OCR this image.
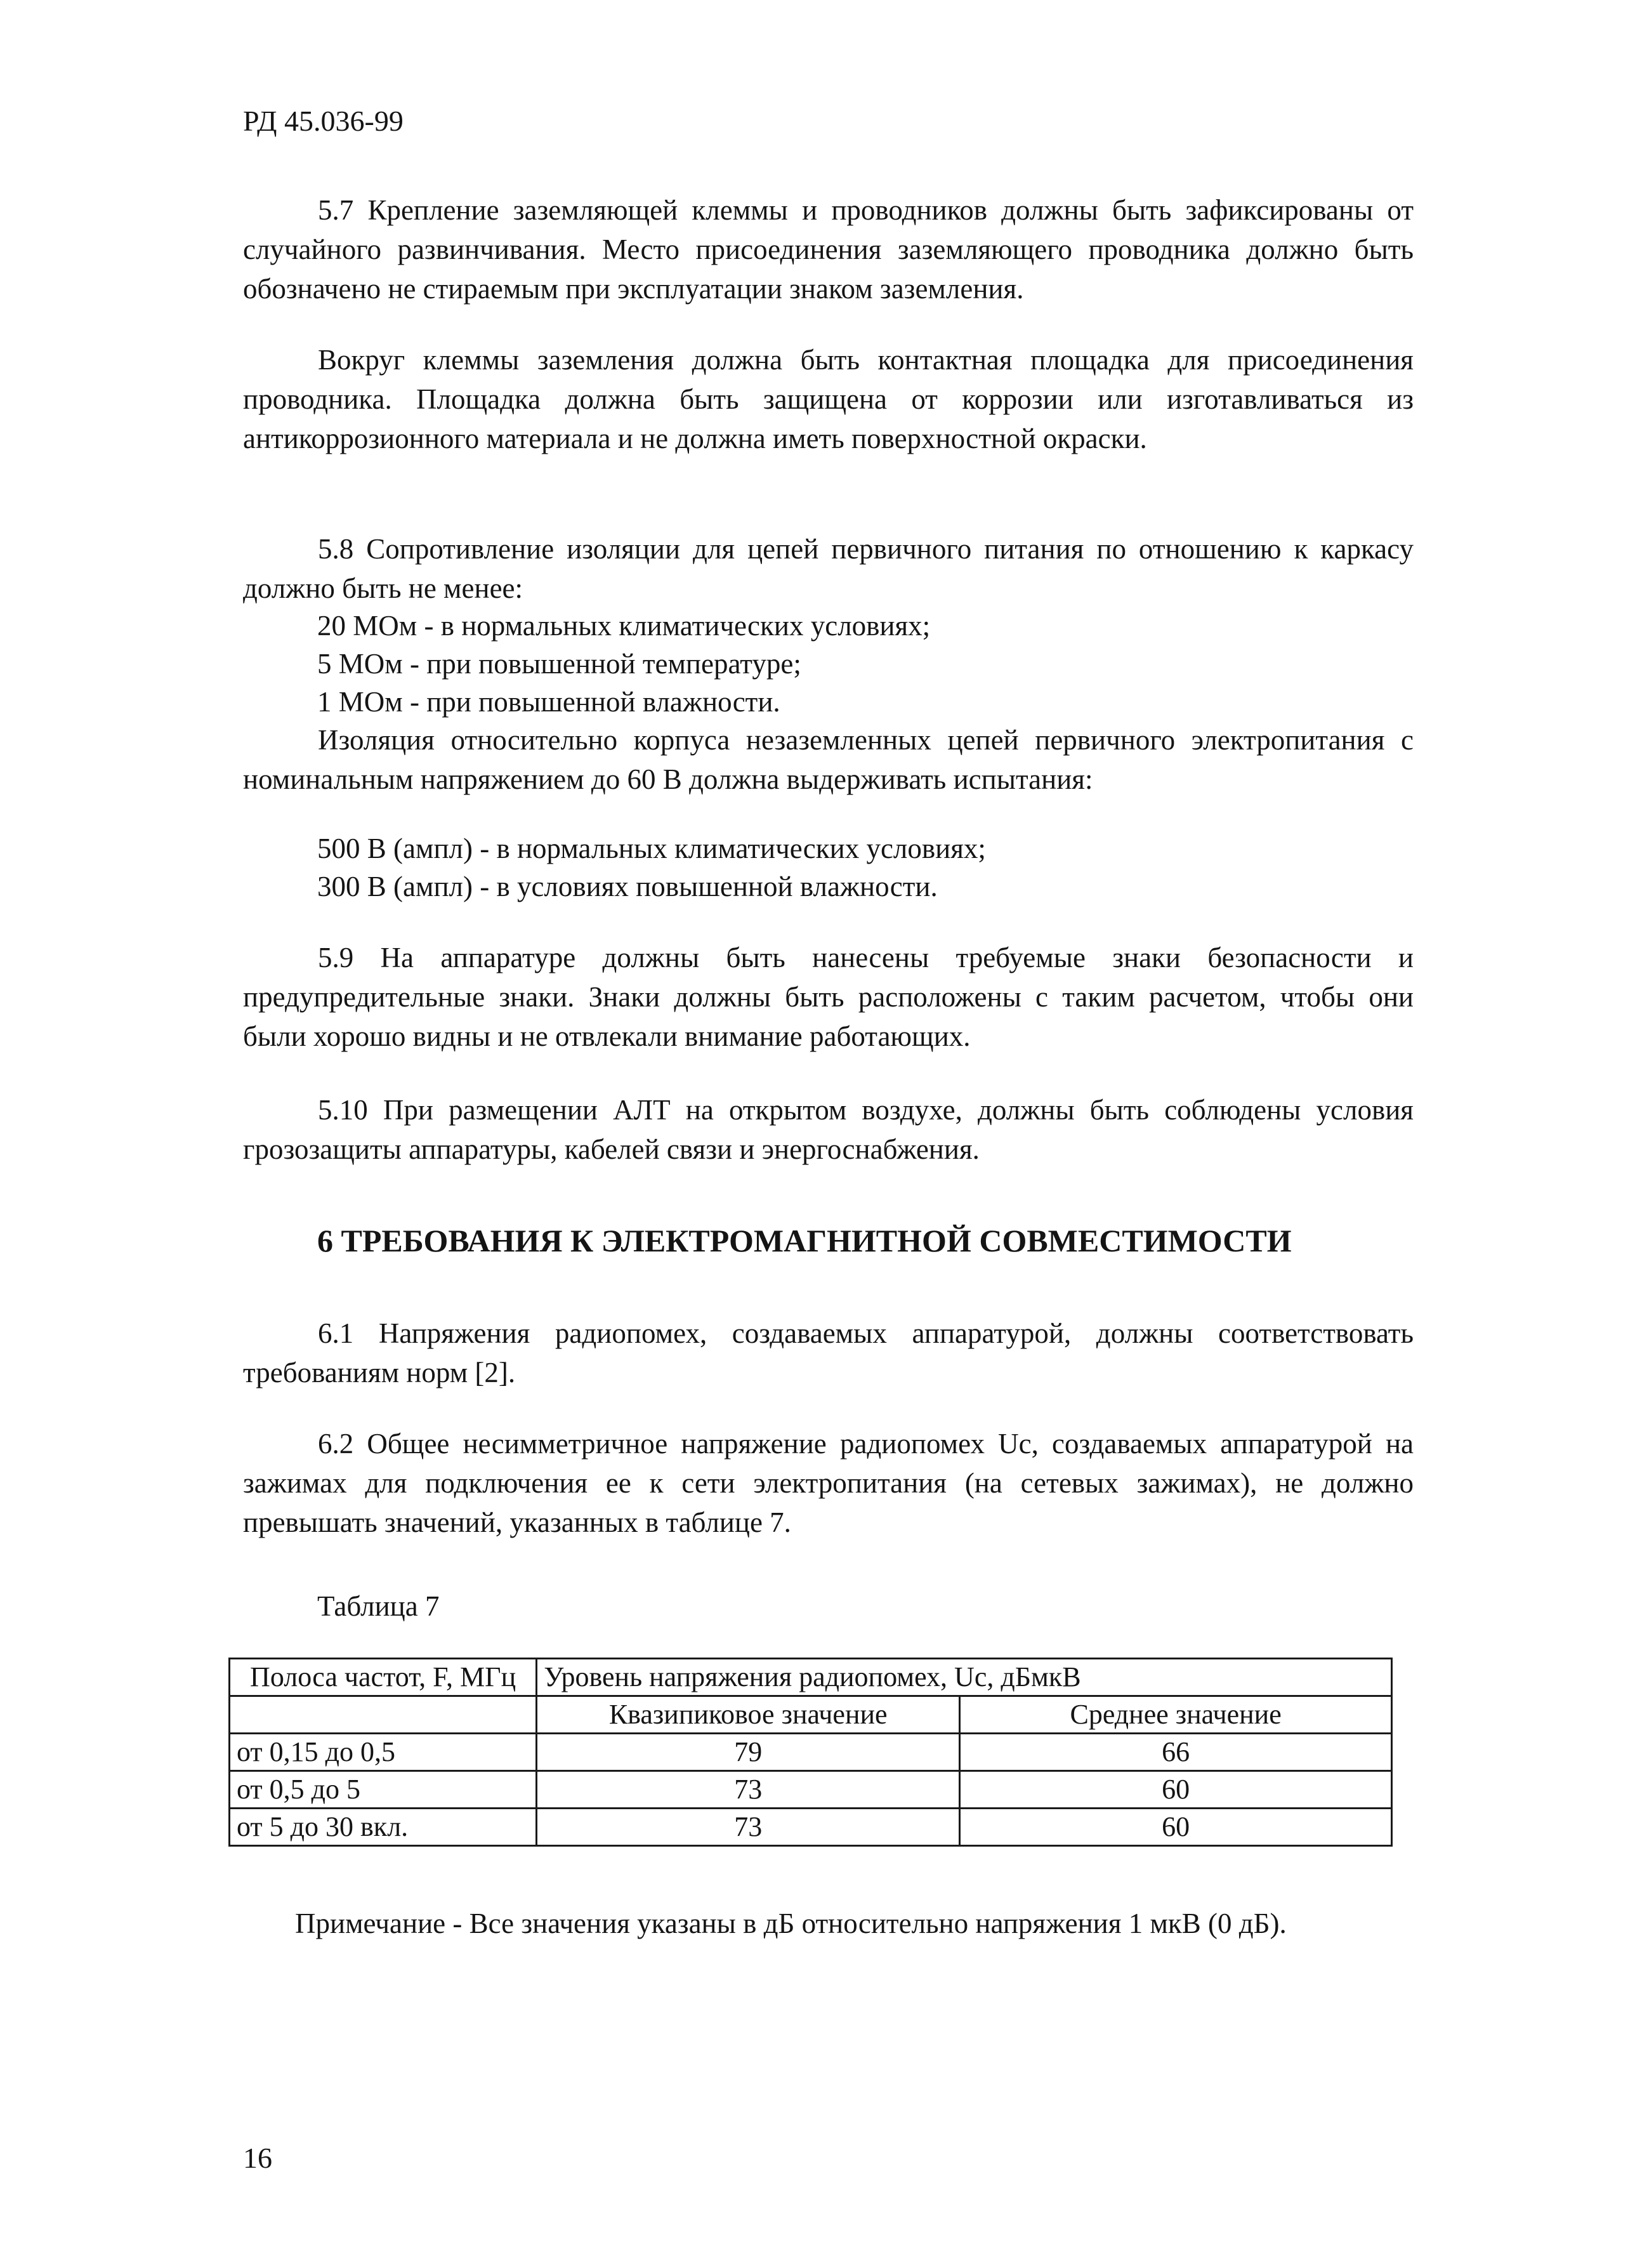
РД 45.036-99
5.7 Крепление заземляющей клеммы и проводников должны быть зафиксированы от случайного развинчивания. Место присоединения заземляющего проводника должно быть обозначено не стираемым при эксплуатации знаком заземления.
Вокруг клеммы заземления должна быть контактная площадка для присоединения проводника. Площадка должна быть защищена от коррозии или изготавливаться из антикоррозионного материала и не должна иметь поверхностной окраски.
5.8 Сопротивление изоляции для цепей первичного питания по отношению к каркасу должно быть не менее:
20 МОм - в нормальных климатических условиях;
5 МОм - при повышенной температуре;
1 МОм - при повышенной влажности.
Изоляция относительно корпуса незаземленных цепей первичного электропитания с номинальным напряжением до 60 В должна выдерживать испытания:
500 В (ампл) - в нормальных климатических условиях;
300 В (ампл) - в условиях повышенной влажности.
5.9 На аппаратуре должны быть нанесены требуемые знаки безопасности и предупредительные знаки. Знаки должны быть расположены с таким расчетом, чтобы они были хорошо видны и не отвлекали внимание работающих.
5.10 При размещении АЛТ на открытом воздухе, должны быть соблюдены условия грозозащиты аппаратуры, кабелей связи и энергоснабжения.
6 ТРЕБОВАНИЯ К ЭЛЕКТРОМАГНИТНОЙ СОВМЕСТИМОСТИ
6.1 Напряжения радиопомех, создаваемых аппаратурой, должны соответствовать требованиям норм [2].
6.2 Общее несимметричное напряжение радиопомех Uc, создаваемых аппаратурой на зажимах для подключения ее к сети электропитания (на сетевых зажимах), не должно превышать значений, указанных в таблице 7.
Таблица 7
Полоса частот, F, МГц	Уровень напряжения радиопомех, Uc, дБмкВ	
	Квазипиковое значение	Среднее значение
от 0,15 до 0,5	79	66
от 0,5 до 5	73	60
от 5 до 30 вкл.	73	60
Примечание - Все значения указаны в дБ относительно напряжения 1 мкВ (0 дБ).
16
